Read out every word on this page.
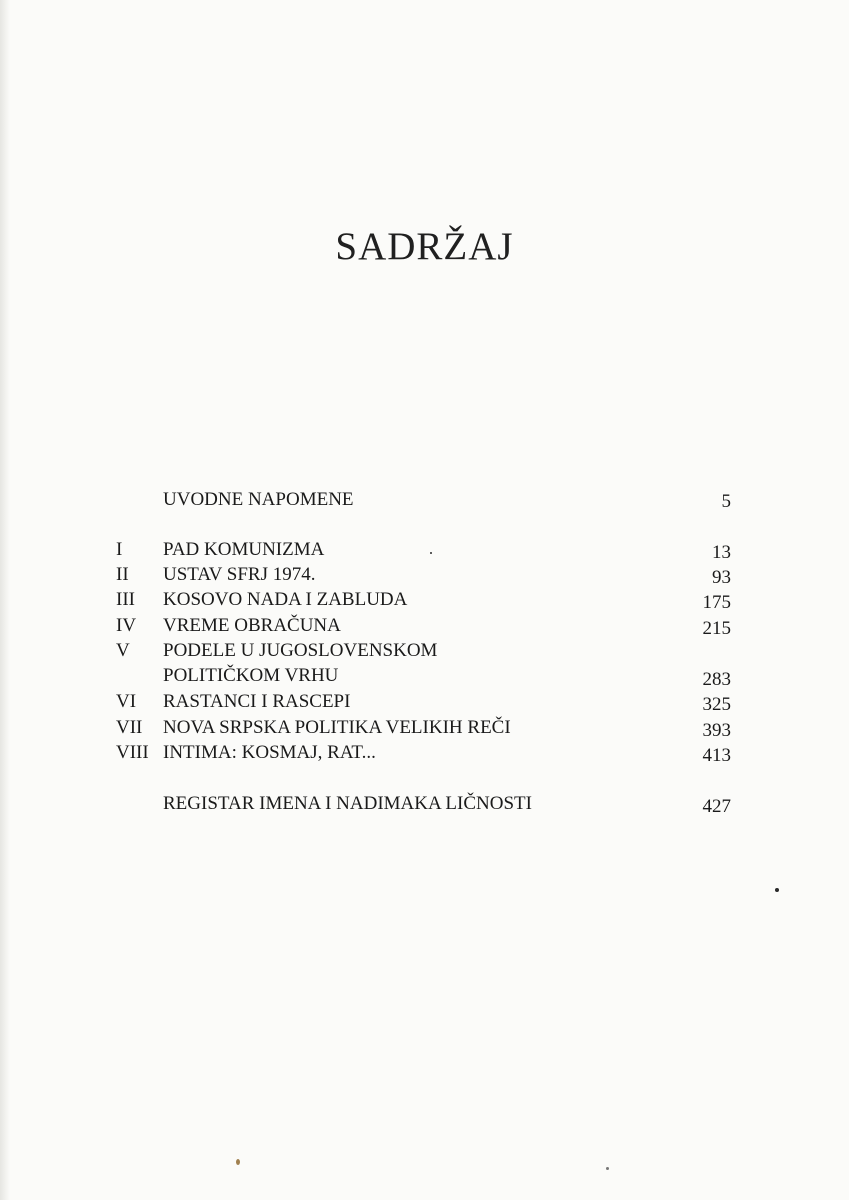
SADRŽAJ
UVODNE NAPOMENE	5
I PAD KOMUNIZMA	13
II USTAV SFRJ 1974.	93
III KOSOVO NADA I ZABLUDA	175
IV VREME OBRAČUNA	215
V PODELE U JUGOSLOVENSKOM
POLITIČKOM VRHU	283
VI RASTANCI I RASCEPI	325
VII NOVA SRPSKA POLITIKA VELIKIH REČI	393
VIII INTIMA: KOSMAJ, RAT...	413
REGISTAR IMENA I NADIMAKA LIČNOSTI	427
